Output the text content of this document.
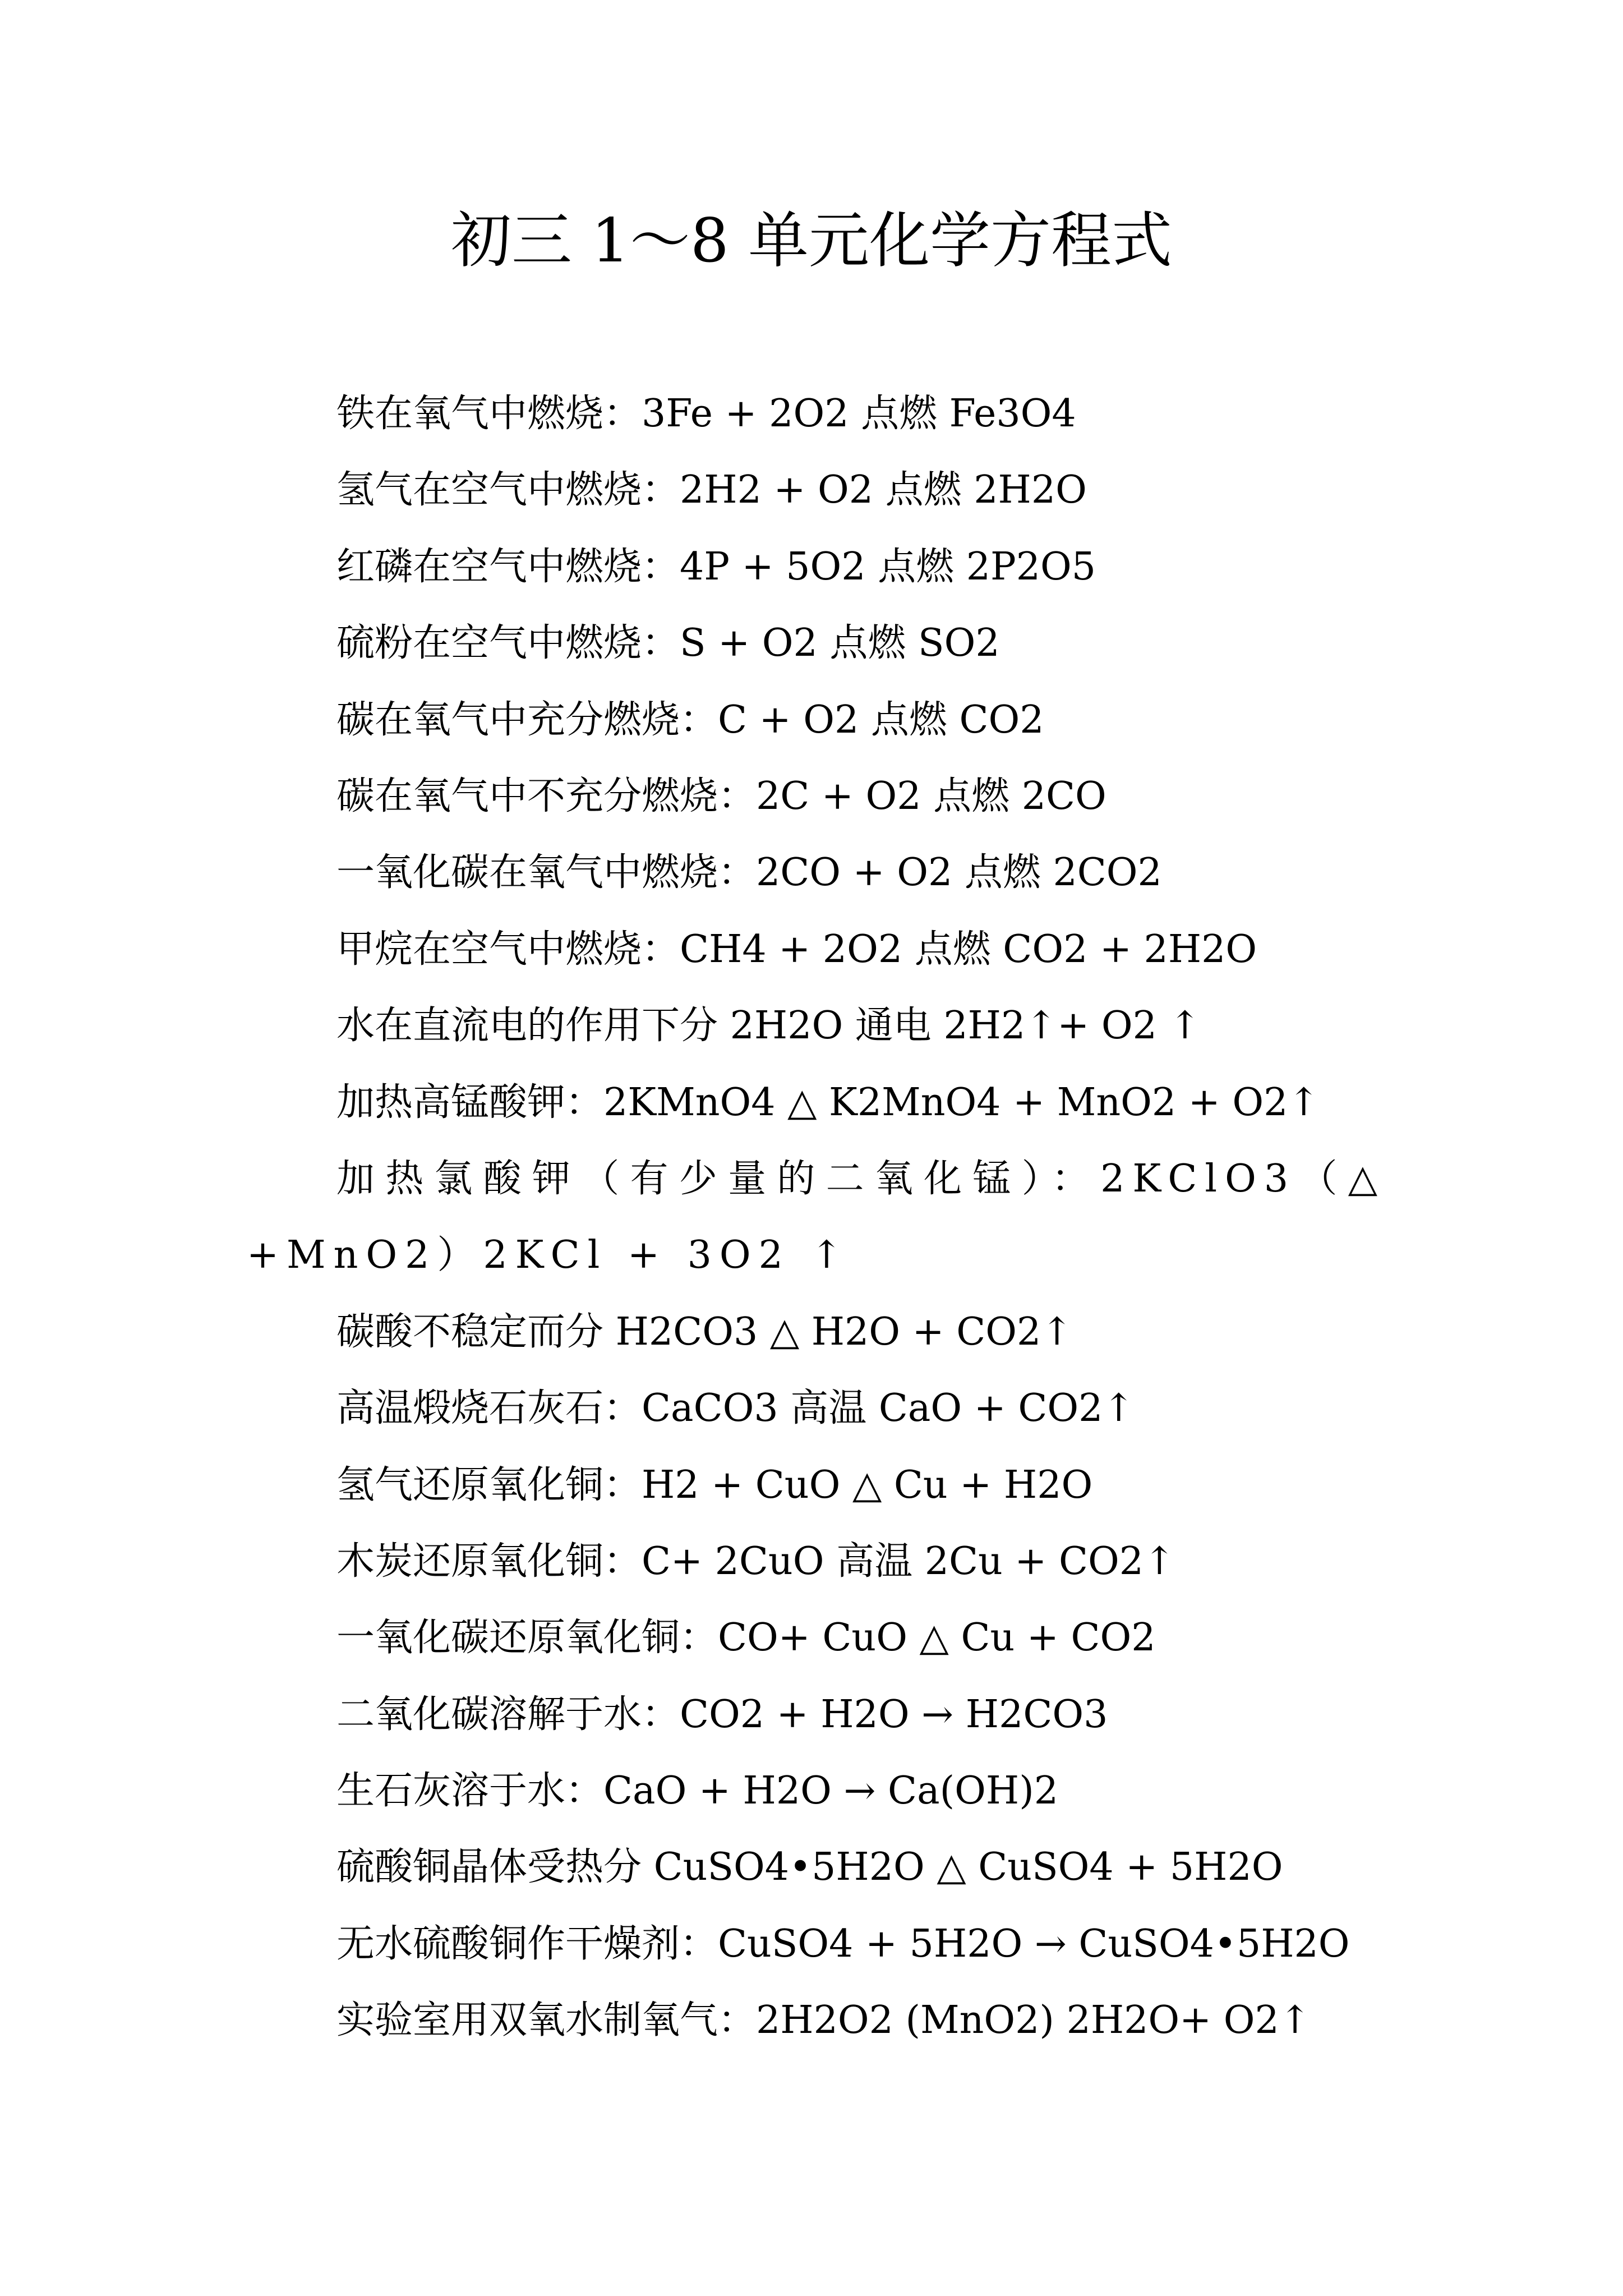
初三 1～8 单元化学方程式
铁在氧气中燃烧：3Fe + 2O2 点燃 Fe3O4
氢气在空气中燃烧：2H2 + O2 点燃 2H2O
红磷在空气中燃烧：4P + 5O2 点燃 2P2O5
硫粉在空气中燃烧：S + O2 点燃 SO2
碳在氧气中充分燃烧：C + O2 点燃 CO2
碳在氧气中不充分燃烧：2C + O2 点燃 2CO
一氧化碳在氧气中燃烧：2CO + O2 点燃 2CO2
甲烷在空气中燃烧：CH4 + 2O2 点燃 CO2 + 2H2O
水在直流电的作用下分 2H2O 通电 2H2↑+ O2 ↑
加热高锰酸钾：2KMnO4 △ K2MnO4 + MnO2 + O2↑
加热氯酸钾（有少量的二氧化锰）：2KClO3（△ +MnO2）2KCl + 3O2 ↑
碳酸不稳定而分 H2CO3 △ H2O + CO2↑
高温煅烧石灰石：CaCO3 高温 CaO + CO2↑
氢气还原氧化铜：H2 + CuO △ Cu + H2O
木炭还原氧化铜：C+ 2CuO 高温 2Cu + CO2↑
一氧化碳还原氧化铜：CO+ CuO △ Cu + CO2
二氧化碳溶解于水：CO2 + H2O → H2CO3
生石灰溶于水：CaO + H2O → Ca(OH)2
硫酸铜晶体受热分 CuSO4•5H2O △ CuSO4 + 5H2O
无水硫酸铜作干燥剂：CuSO4 + 5H2O → CuSO4•5H2O
实验室用双氧水制氧气：2H2O2 (MnO2) 2H2O+ O2↑
